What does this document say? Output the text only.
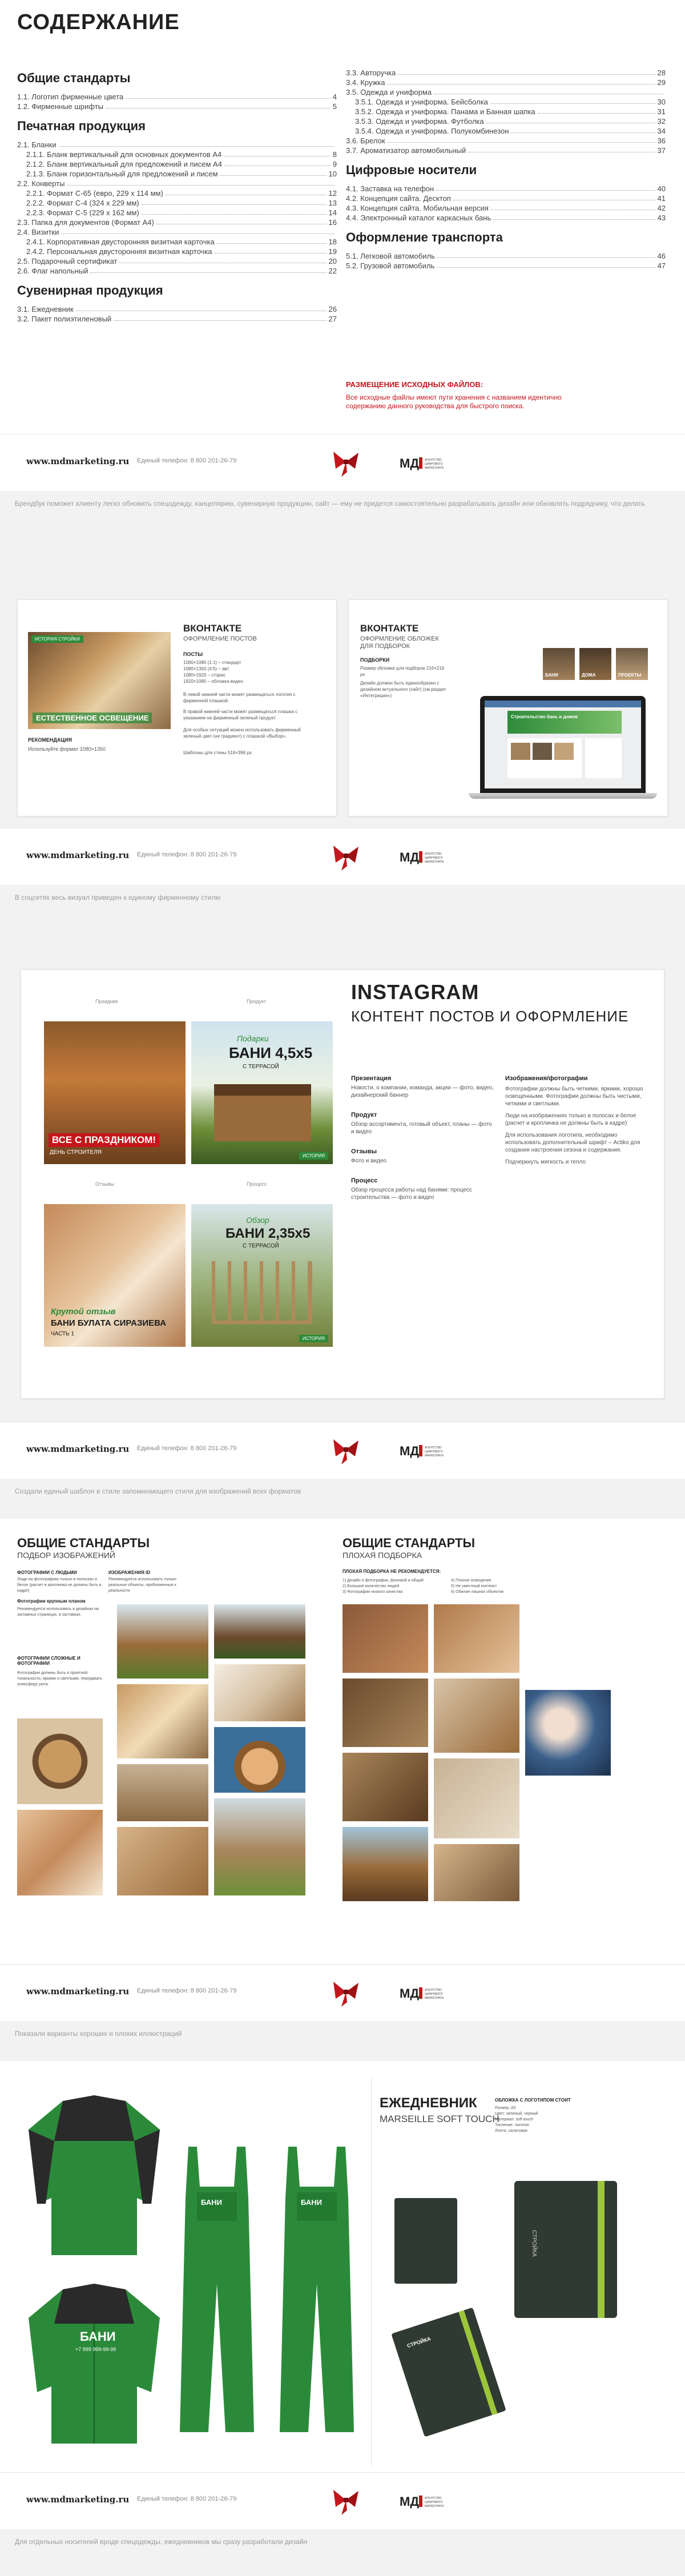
СОДЕРЖАНИЕ
Общие стандарты
1.1. Логотип фирменные цвета	4
1.2. Фирменные шрифты	5
Печатная продукция
2.1. Бланки
2.1.1. Бланк вертикальный для основных документов А4	8
2.1.2. Бланк вертикальный для предложений и писем А4	9
2.1.3. Бланк горизонтальный для предложений и писем	10
2.2. Конверты
2.2.1. Формат С-65 (евро, 229 х 114 мм)	12
2.2.2. Формат С-4 (324 х 229 мм)	13
2.2.3. Формат С-5 (229 х 162 мм)	14
2.3. Папка для документов (Формат А4)	16
2.4. Визитки
2.4.1. Корпоративная двусторонняя визитная карточка	18
2.4.2. Персональная двусторонняя визитная карточка	19
2.5. Подарочный сертификат	20
2.6. Флаг напольный	22
Сувенирная продукция
3.1. Ежедневник	26
3.2. Пакет полиэтиленовый	27
3.3. Авторучка	28
3.4. Кружка	29
3.5. Одежда и униформа
3.5.1. Одежда и униформа. Бейсболка	30
3.5.2. Одежда и униформа. Панама и Банная шапка	31
3.5.3. Одежда и униформа. Футболка	32
3.5.4. Одежда и униформа. Полукомбинезон	34
3.6. Брелок	36
3.7. Ароматизатор автомобильный	37
Цифровые носители
4.1. Заставка на телефон	40
4.2. Концепция сайта. Десктоп	41
4.3. Концепция сайта. Мобильная версия	42
4.4. Электронный каталог каркасных бань	43
Оформление транспорта
5.1. Легковой автомобиль	46
5.2. Грузовой автомобиль	47
РАЗМЕЩЕНИЕ ИСХОДНЫХ ФАЙЛОВ:
Все исходные файлы имеют пути хранения с названием идентично содержанию данного руководства для быстрого поиска.
www.mdmarketing.ru Единый телефон: 8 800 201-26-79	МД АГЕНТСТВО
ЦИФРОВОГО
МАРКЕТИНГА
Брендбук поможет клиенту легко обновить спецодежду, канцелярию, сувенирную продукцию, сайт — ему не придется самостоятельно разрабатывать дизайн или обновлять подрядчику, что делать
ИСТОРИЯ СТРОЙКИ
ЕСТЕСТВЕННОЕ ОСВЕЩЕНИЕ
РЕКОМЕНДАЦИЯ
Используйте формат 1080×1350
ВКОНТАКТЕ
ОФОРМЛЕНИЕ ПОСТОВ
ПОСТЫ
1080×1080 (1:1) – стандарт
1080×1350 (4:5) – авт
1080×1920 – сторис
1920×1080 – обложка видео
В левой нижней части может размещаться логотип с фирменной плашкой.
В правой нижней части может размещаться плашка с указанием на фирменный зеленый продукт.
Для особых ситуаций можно использовать фирменный зеленый цвет (не градиент) с плашкой «Выбор».
Шаблоны для стены 516×396 px
ВКОНТАКТЕ
ОФОРМЛЕНИЕ ОБЛОЖЕК
ДЛЯ ПОДБОРОК
ПОДБОРКИ
Размер обложки для подборок 216×216 px
Дизайн должен быть единообразен с дизайном актуального (сайт) (см.раздел «Интеграции»)
БАНИ	ДОМА	ПРОЕКТЫ
Строительство бань и домов
www.mdmarketing.ru Единый телефон: 8 800 201-26-79	МД АГЕНТСТВО
ЦИФРОВОГО
МАРКЕТИНГА
В соцсетях весь визуал приведен к единому фирменному стилю
Праздник	Продукт
ВСЕ С ПРАЗДНИКОМ!
ДЕНЬ СТРОИТЕЛЯ
Подарки
БАНИ 4,5x5
С ТЕРРАСОЙ
ИСТОРИЯ
Отзывы	Процесс
Крутой отзыв
БАНИ БУЛАТА СИРАЗИЕВА
ЧАСТЬ 1
Обзор
БАНИ 2,35x5
С ТЕРРАСОЙ
ИСТОРИЯ
INSTAGRAM
КОНТЕНТ ПОСТОВ И ОФОРМЛЕНИЕ
Презентация
Новости, о компании, команда, акции — фото, видео, дизайнерский баннер
Продукт
Обзор ассортимента, готовый объект, планы — фото и видео
Отзывы
Фото и видео
Процесс
Обзор процесса работы над банями: процесс строительства — фото и видео
Изображения/фотографии
Фотографии должны быть четкими, яркими, хорошо освещенными. Фотографии должны быть чистыми, четкими и светлыми.
Люди на изображениях только в полосах и белое (расчет и кроплинка не должны быть в кадре)
Для использования логотипа, необходимо использовать дополнительный шрифт – Actiko для создания настроения сезона и содержания.
Подчеркнуть мягкость и тепло
www.mdmarketing.ru Единый телефон: 8 800 201-26-79	МД АГЕНТСТВО
ЦИФРОВОГО
МАРКЕТИНГА
Создали единый шаблон в стиле запоминающего стиля для изображений всех форматов
ОБЩИЕ СТАНДАРТЫ
ПОДБОР ИЗОБРАЖЕНИЙ
ФОТОГРАФИИ С ЛЮДЬМИ
Люди на фотографиях только в полосках и белое (расчет и кроплинка не должны быть в кадре)
ИЗОБРАЖЕНИЯ ID
Рекомендуется использовать только реальные объекты, приближенные к реальности
Фотографии крупным планом
Рекомендуется использовать в дизайнах на заглавных страницах, в заставках.
ФОТОГРАФИИ СЛОЖНЫЕ И ФОТОГРАФИИ
Фотографии должны быть в приятной тональности, яркими и светлыми, передавать атмосферу уюта.
ОБЩИЕ СТАНДАРТЫ
ПЛОХАЯ ПОДБОРКА
ПЛОХАЯ ПОДБОРКА НЕ РЕКОМЕНДУЕТСЯ:
1) Дизайн и фотографии, фоновой и общий
2) Большое количество людей
3) Фотографии низкого качества
4) Плохое освещение
5) Не уместный контекст
6) Обилие лишних объектов
www.mdmarketing.ru Единый телефон: 8 800 201-26-79	МД АГЕНТСТВО
ЦИФРОВОГО
МАРКЕТИНГА
Показали варианты хороших и плохих иллюстраций
БАНИ
+7 999 999-99-99
БАНИ	БАНИ
ЕЖЕДНЕВНИК
MARSEILLE SOFT TOUCH
ОБЛОЖКА С ЛОГОТИПОМ СТОИТ
Размер: А5
Цвет: зеленый, черный
Материал: soft-touch
Тиснение: логотип
Лента: салатовая
СТРОЙКА
СТРОЙКА
www.mdmarketing.ru Единый телефон: 8 800 201-26-79	МД АГЕНТСТВО
ЦИФРОВОГО
МАРКЕТИНГА
Для отдельных носителей вроде спецодежды, ежедневников мы сразу разработали дизайн
